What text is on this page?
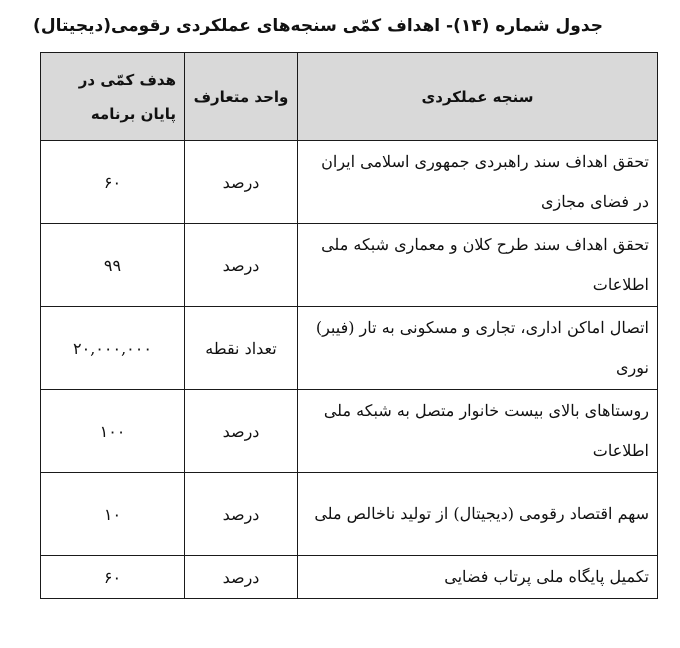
جدول شماره (۱۴)- اهداف کمّی سنجه‌های عملکردی رقومی(دیجیتال)
سنجه عملکردی	واحد متعارف	هدف کمّی در پایان برنامه
تحقق اهداف سند راهبردی جمهوری اسلامی ایران در فضای مجازی	درصد	۶۰
تحقق اهداف سند طرح کلان و معماری شبکه ملی اطلاعات	درصد	۹۹
اتصال اماکن اداری، تجاری و مسکونی به تار (فیبر) نوری	تعداد نقطه	۲۰,۰۰۰,۰۰۰
روستاهای بالای بیست خانوار متصل به شبکه ملی اطلاعات	درصد	۱۰۰
سهم اقتصاد رقومی (دیجیتال) از تولید ناخالص ملی	درصد	۱۰
تکمیل پایگاه ملی پرتاب فضایی	درصد	۶۰
